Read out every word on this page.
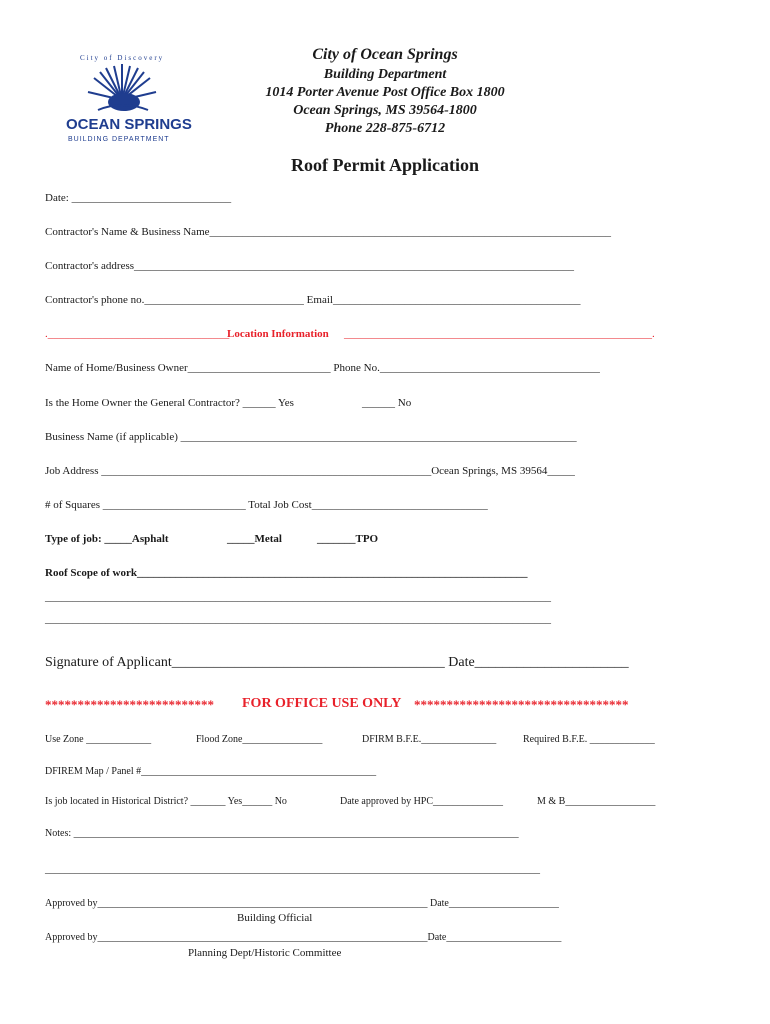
OCEAN SPRINGS
BUILDING DEPARTMENT
City of Discovery	City of Ocean Springs
Building Department
1014 Porter Avenue Post Office Box 1800
Ocean Springs, MS 39564-1800
Phone 228-875-6712
Roof Permit Application
Date: _____________________________
Contractor's Name & Business Name_________________________________________________________________________
Contractor's address________________________________________________________________________________
Contractor's phone no._____________________________ Email_____________________________________________
._________________________________
Location Information ________________________________________________________.
Name of Home/Business Owner__________________________ Phone No.________________________________________
Is the Home Owner the General Contractor? ______ Yes	______ No
Business Name (if applicable) ________________________________________________________________________
Job Address ____________________________________________________________Ocean Springs, MS 39564_____
# of Squares __________________________ Total Job Cost________________________________
Type of job: _____Asphalt	_____Metal	_______TPO
Roof Scope of work_______________________________________________________________________
____________________________________________________________________________________________
____________________________________________________________________________________________
Signature of Applicant_______________________________________ Date______________________
************************** FOR OFFICE USE ONLY *********************************
Use Zone _____________	Flood Zone________________	DFIRM B.F.E._______________	Required B.F.E. _____________
DFIREM Map / Panel #_______________________________________________
Is job located in Historical District? _______ Yes______ No	Date approved by HPC______________	M & B__________________
Notes: _________________________________________________________________________________________
___________________________________________________________________________________________________
Approved by__________________________________________________________________ Date______________________
Building Official
Approved by__________________________________________________________________Date_______________________
Planning Dept/Historic Committee
